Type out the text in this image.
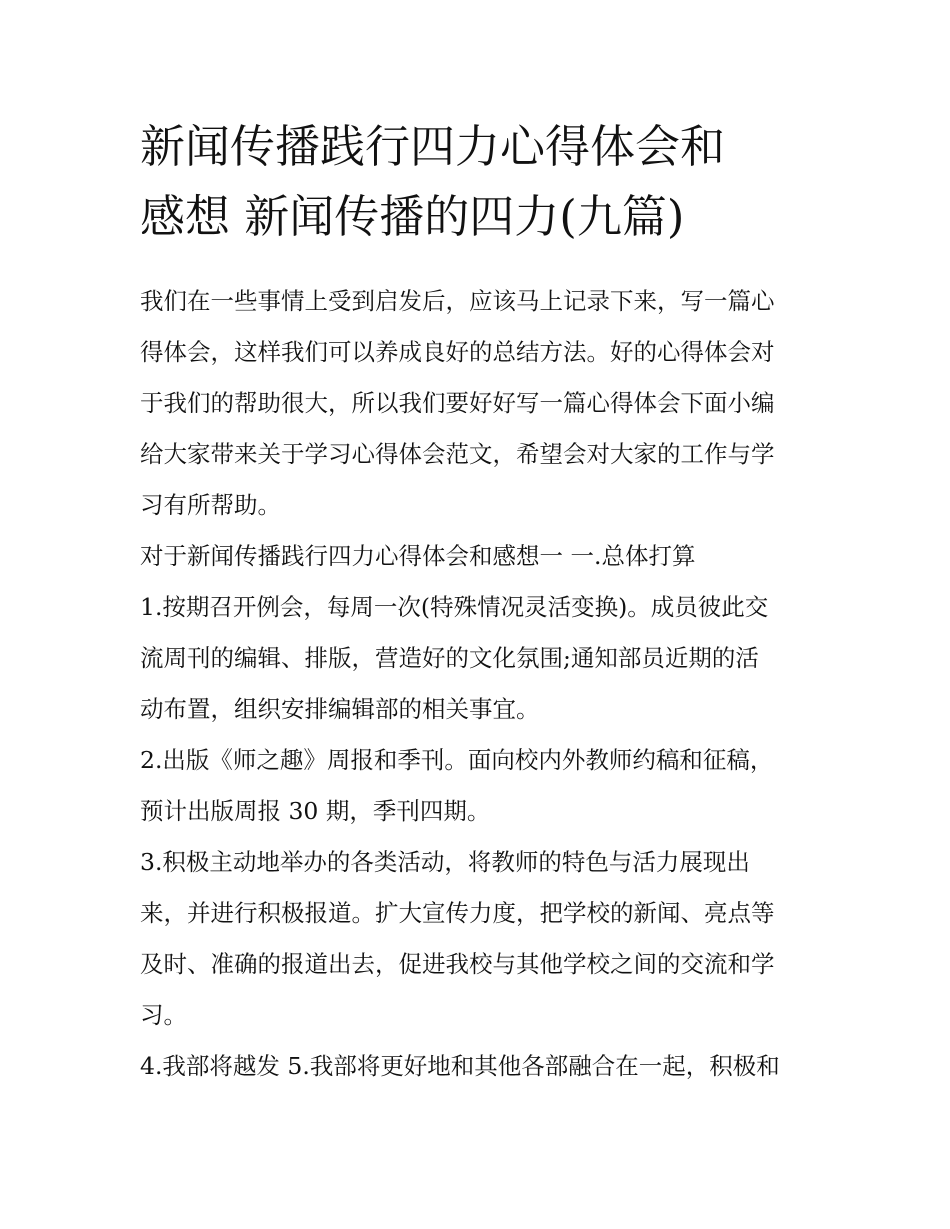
新闻传播践行四力心得体会和
感想 新闻传播的四力(九篇)
我们在一些事情上受到启发后，应该马上记录下来，写一篇心
得体会，这样我们可以养成良好的总结方法。好的心得体会对
于我们的帮助很大，所以我们要好好写一篇心得体会下面小编
给大家带来关于学习心得体会范文，希望会对大家的工作与学
习有所帮助。
对于新闻传播践行四力心得体会和感想一 一.总体打算
1.按期召开例会，每周一次(特殊情况灵活变换)。成员彼此交
流周刊的编辑、排版，营造好的文化氛围;通知部员近期的活
动布置，组织安排编辑部的相关事宜。
2.出版《师之趣》周报和季刊。面向校内外教师约稿和征稿，
预计出版周报 30 期，季刊四期。
3.积极主动地举办的各类活动，将教师的特色与活力展现出
来，并进行积极报道。扩大宣传力度，把学校的新闻、亮点等
及时、准确的报道出去，促进我校与其他学校之间的交流和学
习。
4.我部将越发 5.我部将更好地和其他各部融合在一起，积极和
